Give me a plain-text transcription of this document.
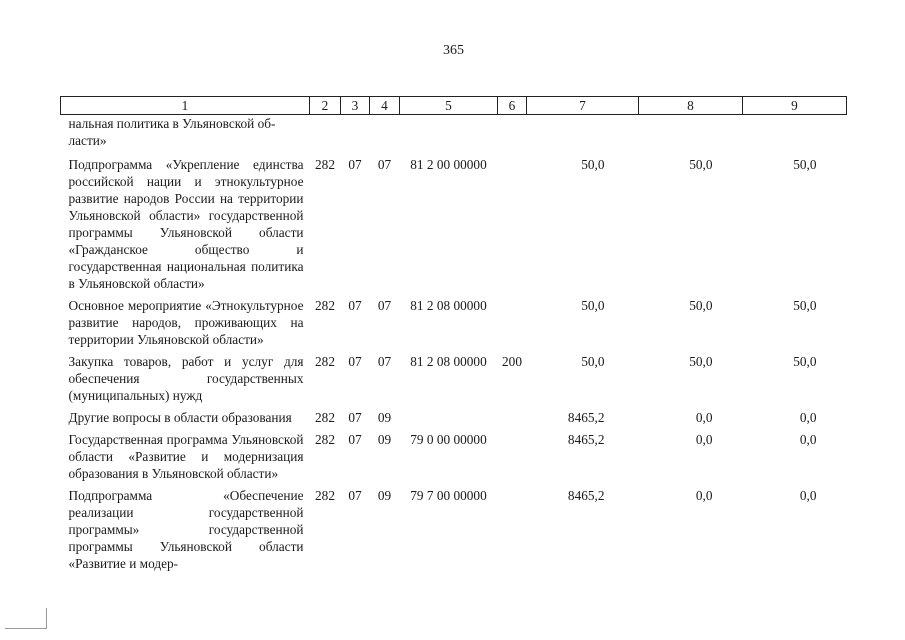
365
1	2	3	4	5	6	7	8	9

нальная политика в Ульяновской об-
ласти»								

Подпрограмма «Укрепление единства российской нации и этнокультурное развитие народов России на территории Ульяновской области» государственной программы Ульяновской области «Гражданское общество и государственная национальная политика в Ульяновской области»	282	07	07	81 2 00 00000		50,0	50,0	50,0
Основное мероприятие «Этнокультурное развитие народов, проживающих на территории Ульяновской области»	282	07	07	81 2 08 00000		50,0	50,0	50,0
Закупка товаров, работ и услуг для обеспечения государственных (муниципальных) нужд	282	07	07	81 2 08 00000	200	50,0	50,0	50,0
Другие вопросы в области образования	282	07	09			8465,2	0,0	0,0
Государственная программа Ульяновской области «Развитие и модернизация образования в Ульяновской области»	282	07	09	79 0 00 00000		8465,2	0,0	0,0
Подпрограмма «Обеспечение реализации государственной программы» государственной программы Ульяновской области «Развитие и модер-	282	07	09	79 7 00 00000		8465,2	0,0	0,0
